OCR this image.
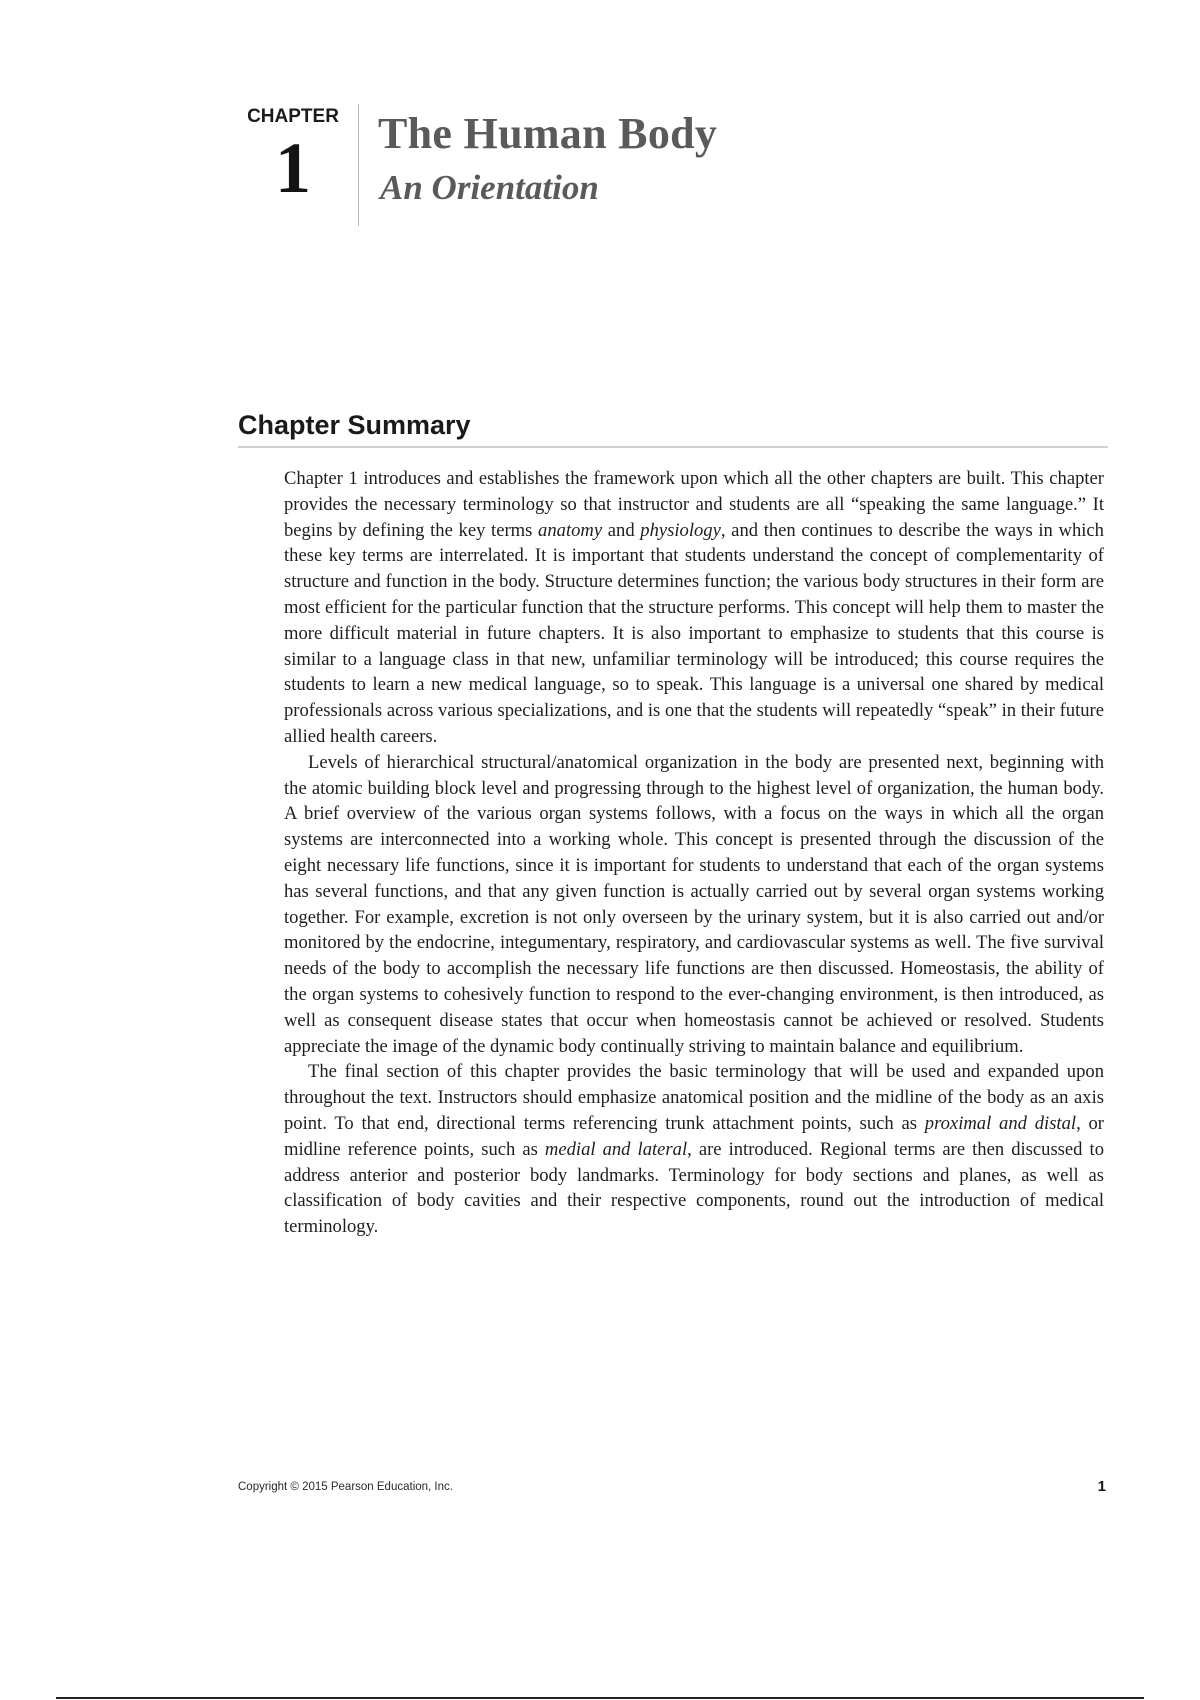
CHAPTER
1	The Human Body
An Orientation
Chapter Summary

Chapter 1 introduces and establishes the framework upon which all the other chapters are built. This chapter provides the necessary terminology so that instructor and students are all “speaking the same language.” It begins by defining the key terms anatomy and physiology, and then continues to describe the ways in which these key terms are interrelated. It is important that students understand the concept of complementarity of structure and function in the body. Structure determines function; the various body structures in their form are most efficient for the particular function that the structure performs. This concept will help them to master the more difficult material in future chapters. It is also important to emphasize to students that this course is similar to a language class in that new, unfamiliar terminology will be introduced; this course requires the students to learn a new medical language, so to speak. This language is a universal one shared by medical professionals across various specializations, and is one that the students will repeatedly “speak” in their future allied health careers.

Levels of hierarchical structural/anatomical organization in the body are presented next, beginning with the atomic building block level and progressing through to the highest level of organization, the human body. A brief overview of the various organ systems follows, with a focus on the ways in which all the organ systems are interconnected into a working whole. This concept is presented through the discussion of the eight necessary life functions, since it is important for students to understand that each of the organ systems has several functions, and that any given function is actually carried out by several organ systems working together. For example, excretion is not only overseen by the urinary system, but it is also carried out and/or monitored by the endocrine, integumentary, respiratory, and cardiovascular systems as well. The five survival needs of the body to accomplish the necessary life functions are then discussed. Homeostasis, the ability of the organ systems to cohesively function to respond to the ever-changing environment, is then introduced, as well as consequent disease states that occur when homeostasis cannot be achieved or resolved. Students appreciate the image of the dynamic body continually striving to maintain balance and equilibrium.

The final section of this chapter provides the basic terminology that will be used and expanded upon throughout the text. Instructors should emphasize anatomical position and the midline of the body as an axis point. To that end, directional terms referencing trunk attachment points, such as proximal and distal, or midline reference points, such as medial and lateral, are introduced. Regional terms are then discussed to address anterior and posterior body landmarks. Terminology for body sections and planes, as well as classification of body cavities and their respective components, round out the introduction of medical terminology.

Copyright © 2015 Pearson Education, Inc.	1
